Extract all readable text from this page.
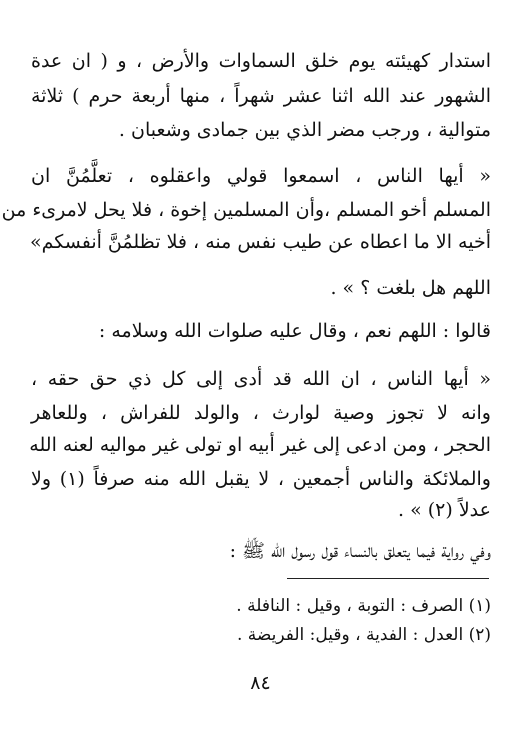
استدار كهيئته يوم خلق السماوات والأرض ، و ( ان عدة
الشهور عند الله اثنا عشر شهراً ، منها أربعة حرم ) ثلاثة
متوالية ، ورجب مضر الذي بين جمادى وشعبان .
« أيها الناس ، اسمعوا قولي واعقلوه ، تعلَّمُنَّ ان
المسلم أخو المسلم ،وأن المسلمين إخوة ، فلا يحل لامرىء من
أخيه الا ما اعطاه عن طيب نفس منه ، فلا تظلمُنَّ أنفسكم»
اللهم هل بلغت ؟ » .
قالوا : اللهم نعم ، وقال عليه صلوات الله وسلامه :
« أيها الناس ، ان الله قد أدى إلى كل ذي حق حقه ،
وانه لا تجوز وصية لوارث ، والولد للفراش ، وللعاهر
الحجر ، ومن ادعى إلى غير أبيه او تولى غير مواليه لعنه الله
والملائكة والناس أجمعين ، لا يقبل الله منه صرفاً (١) ولا
عدلاً (٢) » .
وفي رواية فيما يتعلق بالنساء قول رسول الله ﷺ :
(١) الصرف : التوبة ، وقيل : النافلة .
(٢) العدل : الفدية ، وقيل: الفريضة .
٨٤
